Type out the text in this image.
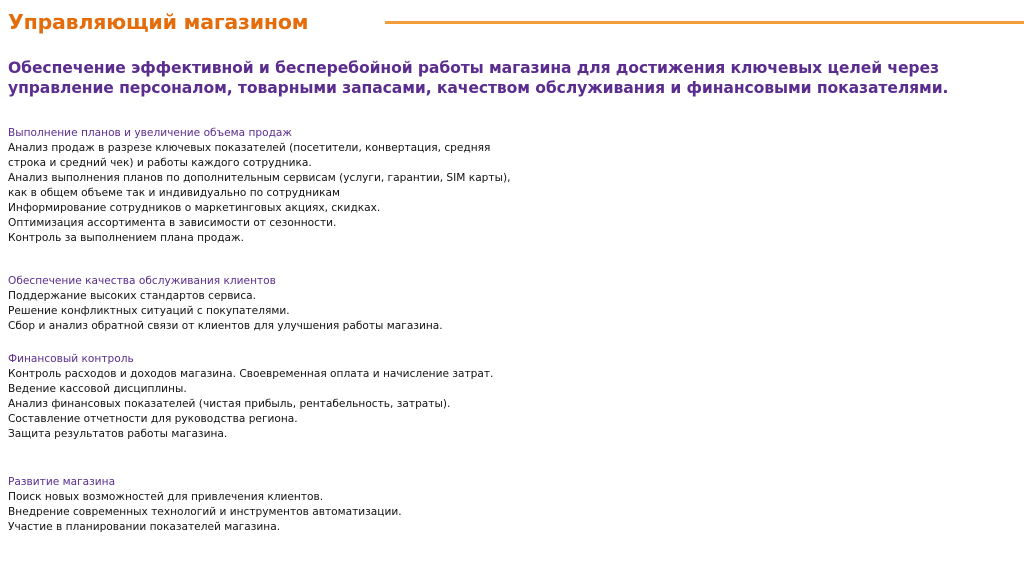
Управляющий магазином

Обеспечение эффективной и бесперебойной работы магазина для достижения ключевых целей через управление персоналом, товарными запасами, качеством обслуживания и финансовыми показателями.

Выполнение планов и увеличение объема продаж

Анализ продаж в разрезе ключевых показателей (посетители, конвертация, средняя строка и средний чек) и работы каждого сотрудника.

Анализ выполнения планов по дополнительным сервисам (услуги, гарантии, SIM карты), как в общем объеме так и индивидуально по сотрудникам

Информирование сотрудников о маркетинговых акциях, скидках.

Оптимизация ассортимента в зависимости от сезонности.

Контроль за выполнением плана продаж.

Обеспечение качества обслуживания клиентов

Поддержание высоких стандартов сервиса.

Решение конфликтных ситуаций с покупателями.

Сбор и анализ обратной связи от клиентов для улучшения работы магазина.

Финансовый контроль

Контроль расходов и доходов магазина. Своевременная оплата и начисление затрат.

Ведение кассовой дисциплины.

Анализ финансовых показателей (чистая прибыль, рентабельность, затраты).

Составление отчетности для руководства региона.

Защита результатов работы магазина.

Развитие магазина

Поиск новых возможностей для привлечения клиентов.

Внедрение современных технологий и инструментов автоматизации.

Участие в планировании показателей магазина.
